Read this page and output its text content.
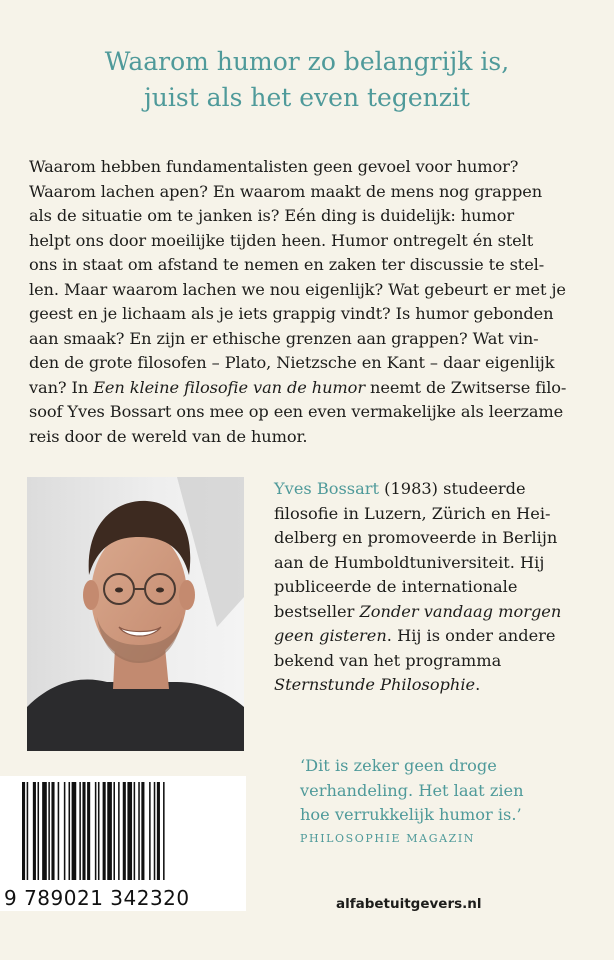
Waarom humor zo belangrijk is,
juist als het even tegenzit
Waarom hebben fundamentalisten geen gevoel voor humor?
Waarom lachen apen? En waarom maakt de mens nog grappen
als de situatie om te janken is? Eén ding is duidelijk: humor
helpt ons door moeilijke tijden heen. Humor ontregelt én stelt
ons in staat om afstand te nemen en zaken ter discussie te stel-
len. Maar waarom lachen we nou eigenlijk? Wat gebeurt er met je
geest en je lichaam als je iets grappig vindt? Is humor gebonden
aan smaak? En zijn er ethische grenzen aan grappen? Wat vin-
den de grote filosofen – Plato, Nietzsche en Kant – daar eigenlijk
van? In Een kleine filosofie van de humor neemt de Zwitserse filo-
soof Yves Bossart ons mee op een even vermakelijke als leerzame
reis door de wereld van de humor.
Yves Bossart (1983) studeerde
filosofie in Luzern, Zürich en Hei-
delberg en promoveerde in Berlijn
aan de Humboldtuniversiteit. Hij
publiceerde de internationale
bestseller Zonder vandaag morgen
geen gisteren. Hij is onder andere
bekend van het programma
Sternstunde Philosophie.
‘Dit is zeker geen droge
verhandeling. Het laat zien
hoe verrukkelijk humor is.’
PHILOSOPHIE MAGAZIN
9 789021 342320	alfabetuitgevers.nl
